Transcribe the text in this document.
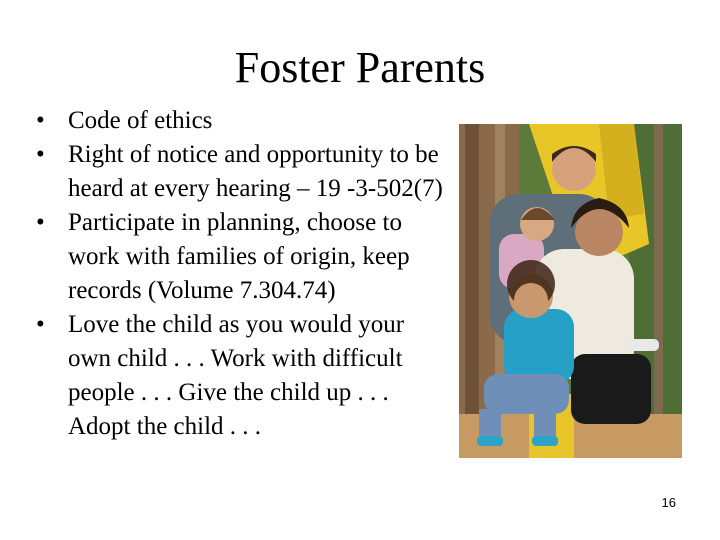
Foster Parents
• Code of ethics
• Right of notice and opportunity to be heard at every hearing – 19 -3-502(7)
• Participate in planning, choose to work with families of origin, keep records (Volume 7.304.74)
• Love the child as you would your own child . . . Work with difficult people . . . Give the child up . . . Adopt the child . . .
16
